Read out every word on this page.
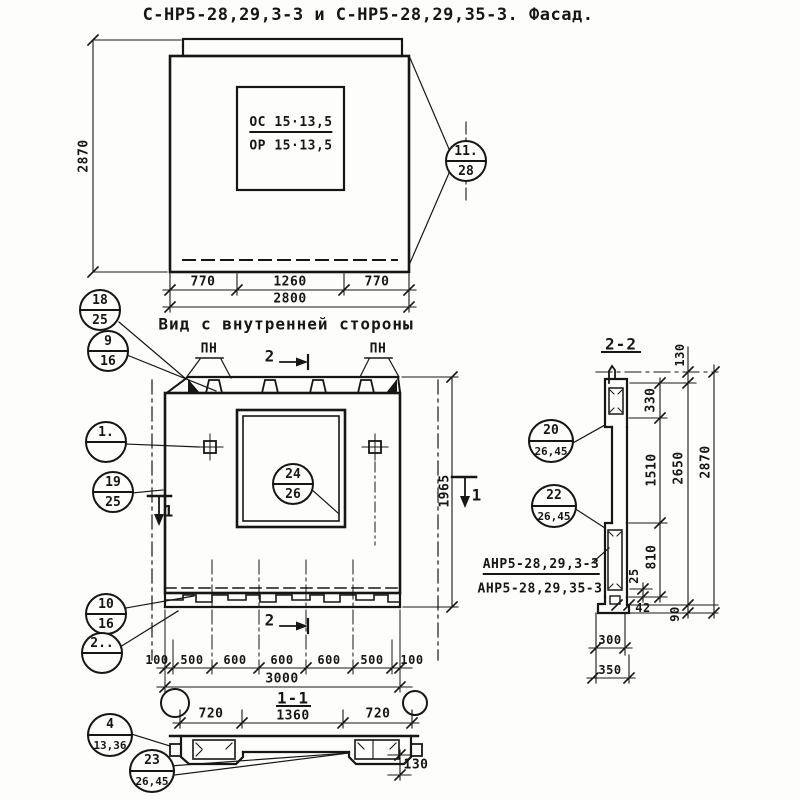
С-НР5-28,29,3-3 и С-НР5-28,29,35-3. Фасад.
2870
ОС 15·13,5
ОР 15·13,5
770	1260	770
2800
11.
28
Вид с внутренней стороны
ПН	ПН
2
2
1
1
1965
100 500 600 600 600 500 100
3000
18
25
9
16
1.
19
25
10
16
2..
24
26
1-1
720	1360	720
130
4
13,36
23
26,45
2-2	130
330
1510
810
25
2650 2870
42 90
300
350
АНР5-28,29,3-3
АНР5-28,29,35-3
20
26,45
22
26,45
